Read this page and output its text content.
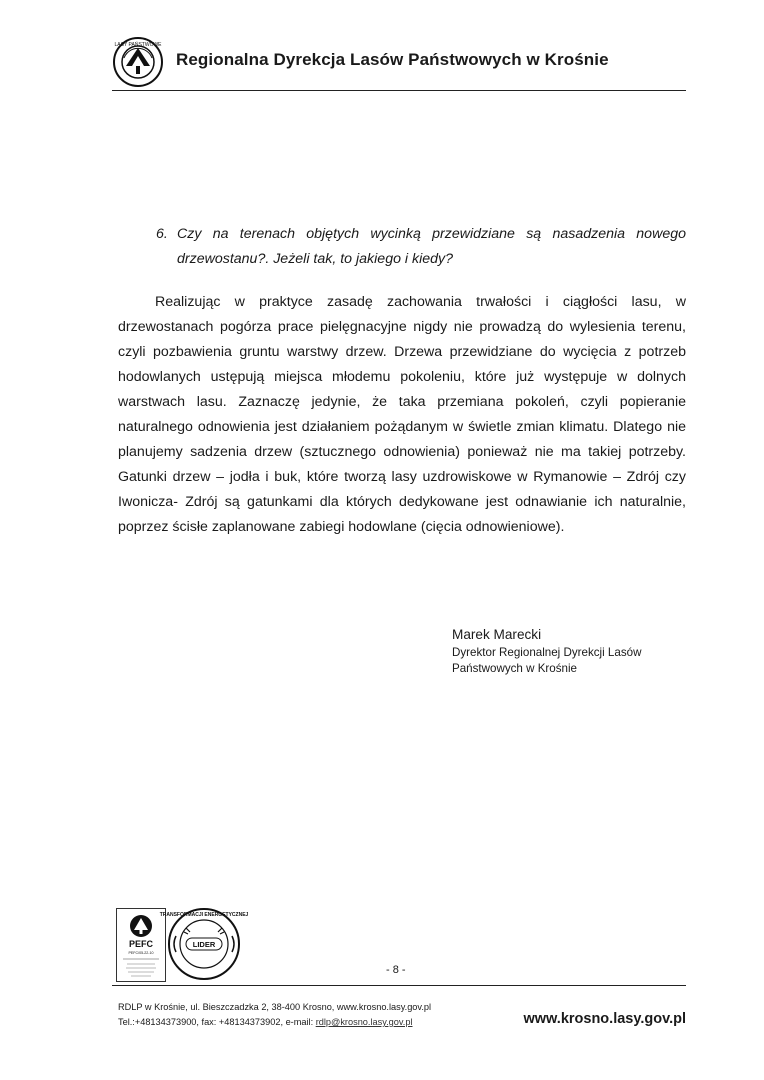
LASY PAŃSTWOWE
Regionalna Dyrekcja Lasów Państwowych w Krośnie
6. Czy na terenach objętych wycinką przewidziane są nasadzenia nowego drzewostanu?. Jeżeli tak, to jakiego i kiedy?

Realizując w praktyce zasadę zachowania trwałości i ciągłości lasu, w drzewostanach pogórza prace pielęgnacyjne nigdy nie prowadzą do wylesienia terenu, czyli pozbawienia gruntu warstwy drzew. Drzewa przewidziane do wycięcia z potrzeb hodowlanych ustępują miejsca młodemu pokoleniu, które już występuje w dolnych warstwach lasu. Zaznaczę jedynie, że taka przemiana pokoleń, czyli popieranie naturalnego odnowienia jest działaniem pożądanym w świetle zmian klimatu. Dlatego nie planujemy sadzenia drzew (sztucznego odnowienia) ponieważ nie ma takiej potrzeby. Gatunki drzew – jodła i buk, które tworzą lasy uzdrowiskowe w Rymanowie – Zdrój czy Iwonicza- Zdrój są gatunkami dla których dedykowane jest odnawianie ich naturalnie, poprzez ścisłe zaplanowane zabiegi hodowlane (cięcia odnowieniowe).

Marek Marecki
Dyrektor Regionalnej Dyrekcji Lasów Państwowych w Krośnie
PEFC
PEFC/05-22-10
LIDER
TRANSFORMACJI ENERGETYCZNEJ
- 8 -
RDLP w Krośnie, ul. Bieszczadzka 2, 38-400 Krosno, www.krosno.lasy.gov.pl
Tel.:+48134373900, fax: +48134373902, e-mail: rdlp@krosno.lasy.gov.pl	www.krosno.lasy.gov.pl
